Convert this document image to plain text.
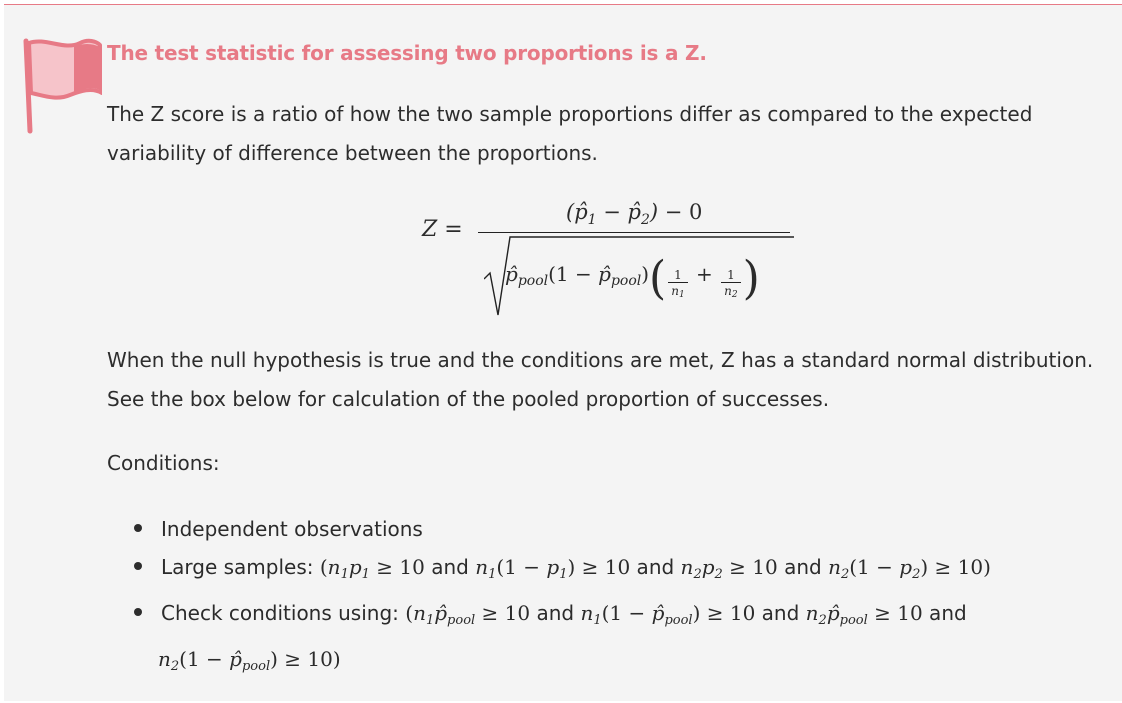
The test statistic for assessing two proportions is a Z.
The Z score is a ratio of how the two sample proportions differ as compared to the expected variability of difference between the proportions.
Z =
($p̂_1$ − $p̂_2) - 0$
$p̂_{pool}(1$ − $p̂_{pool})( \frac{1}{n_1} + \frac{1}{n_2}$ )
When the null hypothesis is true and the conditions are met, Z has a standard normal distribution. See the box below for calculation of the pooled proportion of successes.
Conditions:
Independent observations
Large samples: ($n_1p_1 \ge 10$ and $n_1(1 - p_1) \ge 10$ and $n_2p_2 \ge 10$ and $n_2(1 - p_2) \ge 10$)
Check conditions using: ($n_1p̂_{pool} \ge 10$ and $n_1(1$ − $p̂_{pool}) \ge 10$ and $n_2p̂_{pool} \ge 10$ and
$n_2(1$ − $p̂_{pool}) \ge 10$)
